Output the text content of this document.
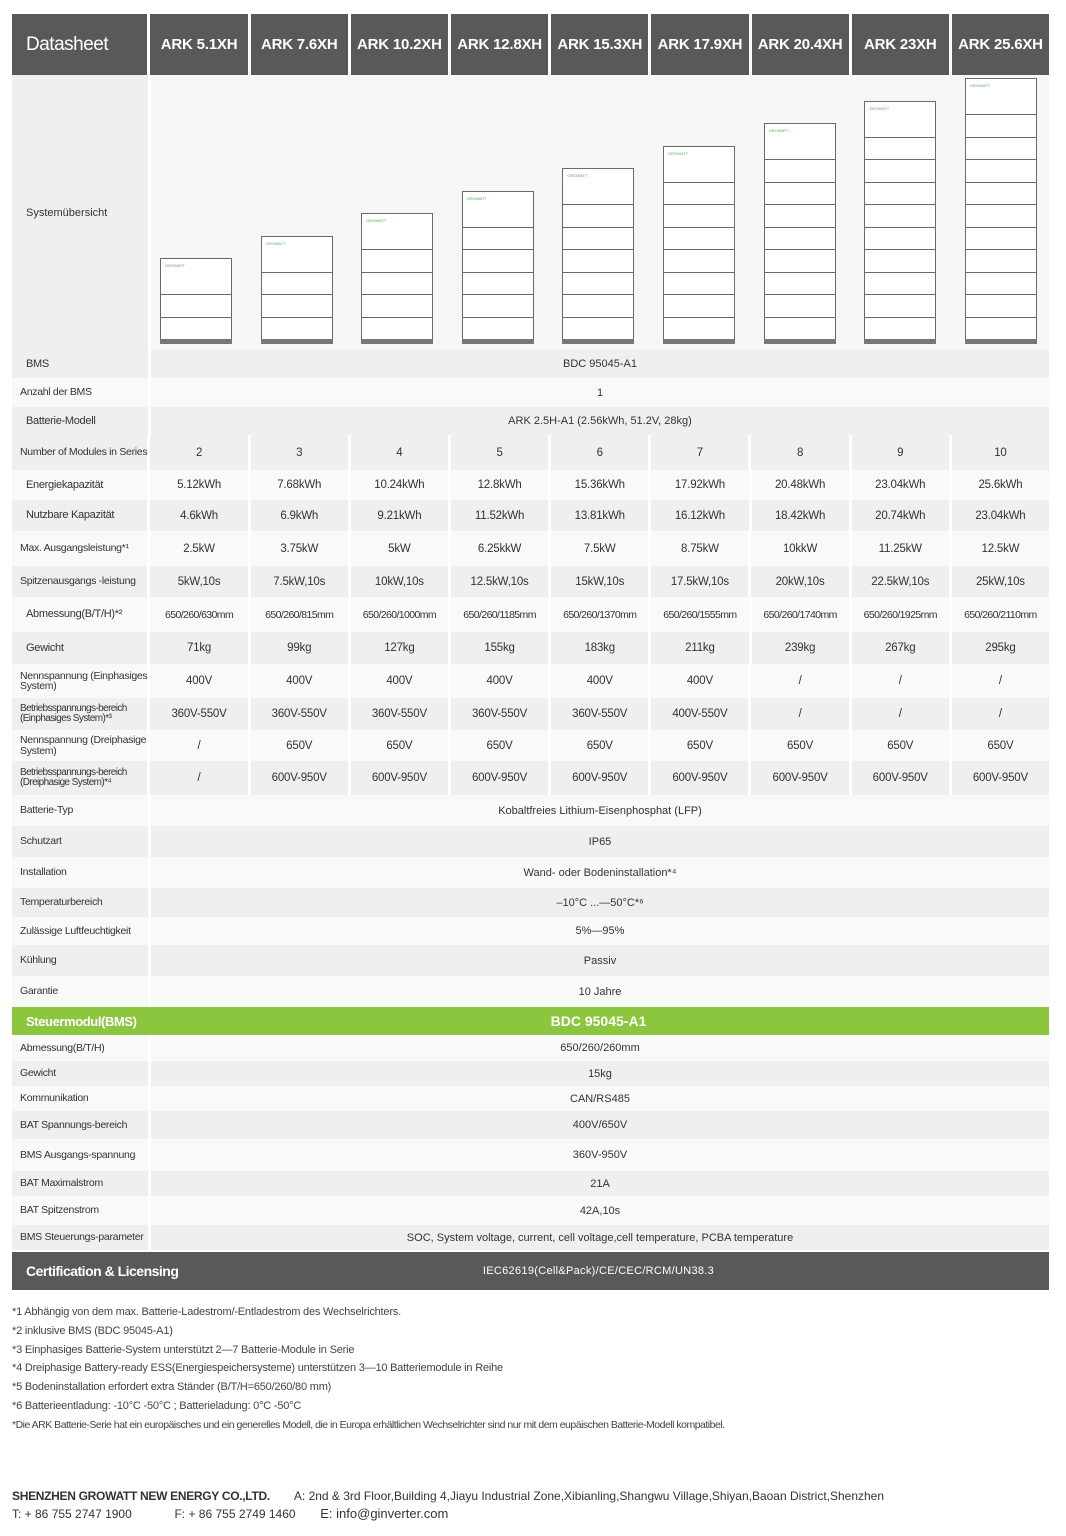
Datasheet	ARK 5.1XH	ARK 7.6XH	ARK 10.2XH	ARK 12.8XH	ARK 15.3XH	ARK 17.9XH	ARK 20.4XH	ARK 23XH	ARK 25.6XH
Systemübersicht
GROWATT
GROWATT
GROWATT
GROWATT
GROWATT
GROWATT
GROWATT
GROWATT
GROWATT
BMS	BDC 95045-A1
Anzahl der BMS	1
Batterie-Modell	ARK 2.5H-A1 (2.56kWh, 51.2V, 28kg)
Number of Modules in Series	2	3	4	5	6	7	8	9	10
Energiekapazität	5.12kWh	7.68kWh	10.24kWh	12.8kWh	15.36kWh	17.92kWh	20.48kWh	23.04kWh	25.6kWh
Nutzbare Kapazität	4.6kWh	6.9kWh	9.21kWh	11.52kWh	13.81kWh	16.12kWh	18.42kWh	20.74kWh	23.04kWh
Max. Ausgangsleistung*¹	2.5kW	3.75kW	5kW	6.25kkW	7.5kW	8.75kW	10kkW	11.25kW	12.5kW
Spitzenausgangs -leistung	5kW,10s	7.5kW,10s	10kW,10s	12.5kW,10s	15kW,10s	17.5kW,10s	20kW,10s	22.5kW,10s	25kW,10s
Abmessung(B/T/H)*²	650/260/630mm	650/260/815mm	650/260/1000mm	650/260/1185mm	650/260/1370mm	650/260/1555mm	650/260/1740mm	650/260/1925mm	650/260/2110mm
Gewicht	71kg	99kg	127kg	155kg	183kg	211kg	239kg	267kg	295kg
Nennspannung (Einphasiges System)	400V	400V	400V	400V	400V	400V	/	/	/
Betriebsspannungs-bereich (Einphasiges System)*³	360V-550V	360V-550V	360V-550V	360V-550V	360V-550V	400V-550V	/	/	/
Nennspannung (Dreiphasige System)	/	650V	650V	650V	650V	650V	650V	650V	650V
Betriebsspannungs-bereich (Dreiphasige System)*⁴	/	600V-950V	600V-950V	600V-950V	600V-950V	600V-950V	600V-950V	600V-950V	600V-950V
Batterie-Typ	Kobaltfreies Lithium-Eisenphosphat (LFP)
Schutzart	IP65
Installation	Wand- oder Bodeninstallation*⁴
Temperaturbereich	–10°C ...—50°C*⁶
Zulässige Luftfeuchtigkeit	5%—95%
Kühlung	Passiv
Garantie	10 Jahre
Steuermodul(BMS)	BDC 95045-A1
Abmessung(B/T/H)	650/260/260mm
Gewicht	15kg
Kommunikation	CAN/RS485
BAT Spannungs-bereich	400V/650V
BMS Ausgangs-spannung	360V-950V
BAT Maximalstrom	21A
BAT Spitzenstrom	42A,10s
BMS Steuerungs-parameter	SOC, System voltage, current, cell voltage,cell temperature, PCBA temperature
Certification & Licensing	IEC62619(Cell&Pack)/CE/CEC/RCM/UN38.3
*1 Abhängig von dem max. Batterie-Ladestrom/-Entladestrom des Wechselrichters.
*2 inklusive BMS (BDC 95045-A1)
*3 Einphasiges Batterie-System unterstützt 2—7 Batterie-Module in Serie
*4 Dreiphasige Battery-ready ESS(Energiespeichersysteme) unterstützen 3—10 Batteriemodule in Reihe
*5 Bodeninstallation erfordert extra Ständer (B/T/H=650/260/80 mm)
*6 Batterieentladung: -10°C -50°C ; Batterieladung: 0°C -50°C
*Die ARK Batterie-Serie hat ein europäisches und ein generelles Modell, die in Europa erhältlichen Wechselrichter sind nur mit dem eupäischen Batterie-Modell kompatibel.
SHENZHEN GROWATT NEW ENERGY CO.,LTD. A: 2nd & 3rd Floor,Building 4,Jiayu Industrial Zone,Xibianling,Shangwu Village,Shiyan,Baoan District,Shenzhen
T: + 86 755 2747 1900	F: + 86 755 2749 1460 E: info@ginverter.com
